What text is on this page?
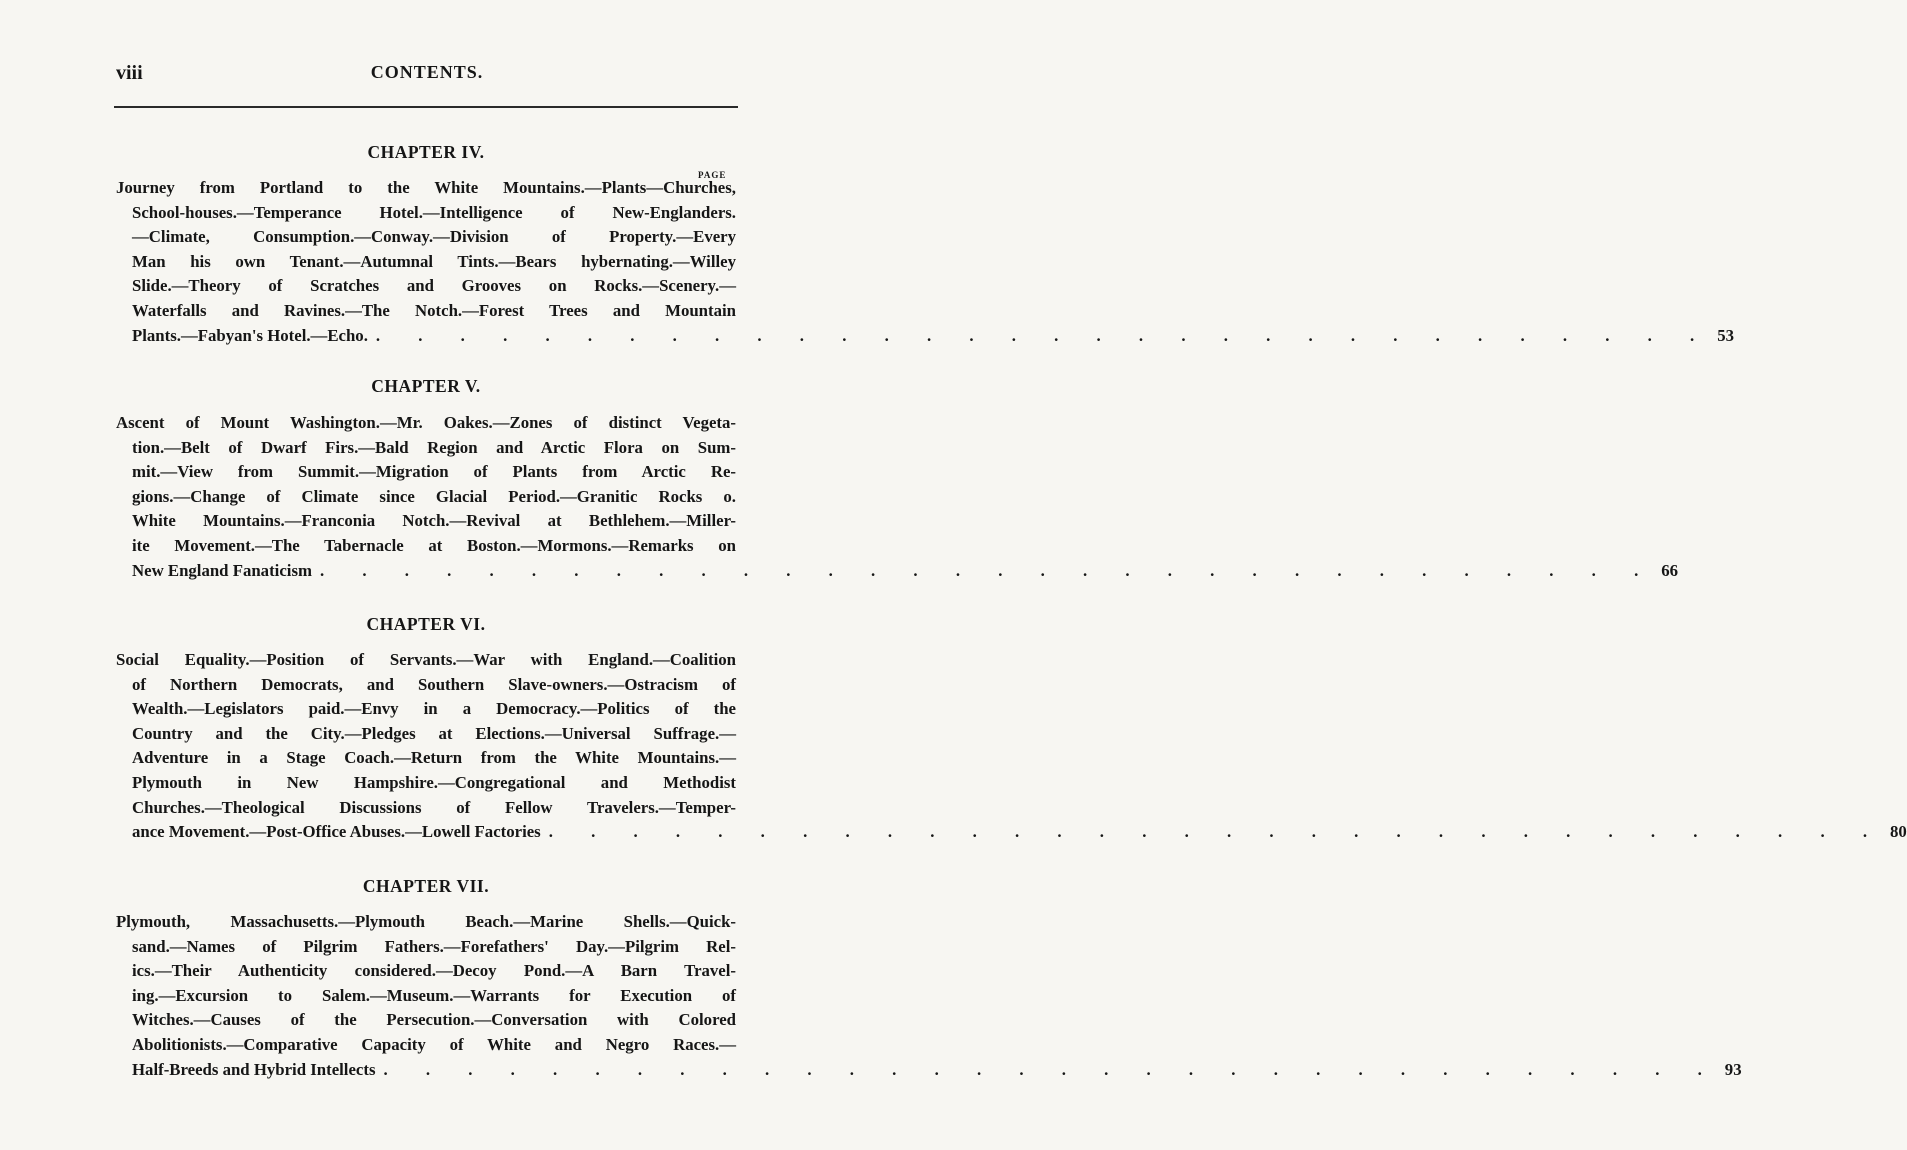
viii	CONTENTS.
PAGE
CHAPTER IV.
Journey from Portland to the White Mountains.—Plants—Churches,
School-houses.—Temperance Hotel.—Intelligence of New-Englanders.
—Climate, Consumption.—Conway.—Division of Property.—Every
Man his own Tenant.—Autumnal Tints.—Bears hybernating.—Willey
Slide.—Theory of Scratches and Grooves on Rocks.—Scenery.—
Waterfalls and Ravines.—The Notch.—Forest Trees and Mountain
Plants.—Fabyan's Hotel.—Echo. . . . . . . . . . . . . . . . . . . . . . . . . . . . . . . . . 53
CHAPTER V.
Ascent of Mount Washington.—Mr. Oakes.—Zones of distinct Vegeta-
tion.—Belt of Dwarf Firs.—Bald Region and Arctic Flora on Sum-
mit.—View from Summit.—Migration of Plants from Arctic Re-
gions.—Change of Climate since Glacial Period.—Granitic Rocks o.
White Mountains.—Franconia Notch.—Revival at Bethlehem.—Miller-
ite Movement.—The Tabernacle at Boston.—Mormons.—Remarks on
New England Fanaticism . . . . . . . . . . . . . . . . . . . . . . . . . . . . . . . . 66
CHAPTER VI.
Social Equality.—Position of Servants.—War with England.—Coalition
of Northern Democrats, and Southern Slave-owners.—Ostracism of
Wealth.—Legislators paid.—Envy in a Democracy.—Politics of the
Country and the City.—Pledges at Elections.—Universal Suffrage.—
Adventure in a Stage Coach.—Return from the White Mountains.—
Plymouth in New Hampshire.—Congregational and Methodist
Churches.—Theological Discussions of Fellow Travelers.—Temper-
ance Movement.—Post-Office Abuses.—Lowell Factories . . . . . . . . . . . . . . . . . . . . . . . . . . . . . . . . 80
CHAPTER VII.
Plymouth, Massachusetts.—Plymouth Beach.—Marine Shells.—Quick-
sand.—Names of Pilgrim Fathers.—Forefathers' Day.—Pilgrim Rel-
ics.—Their Authenticity considered.—Decoy Pond.—A Barn Travel-
ing.—Excursion to Salem.—Museum.—Warrants for Execution of
Witches.—Causes of the Persecution.—Conversation with Colored
Abolitionists.—Comparative Capacity of White and Negro Races.—
Half-Breeds and Hybrid Intellects . . . . . . . . . . . . . . . . . . . . . . . . . . . . . . . . 93
